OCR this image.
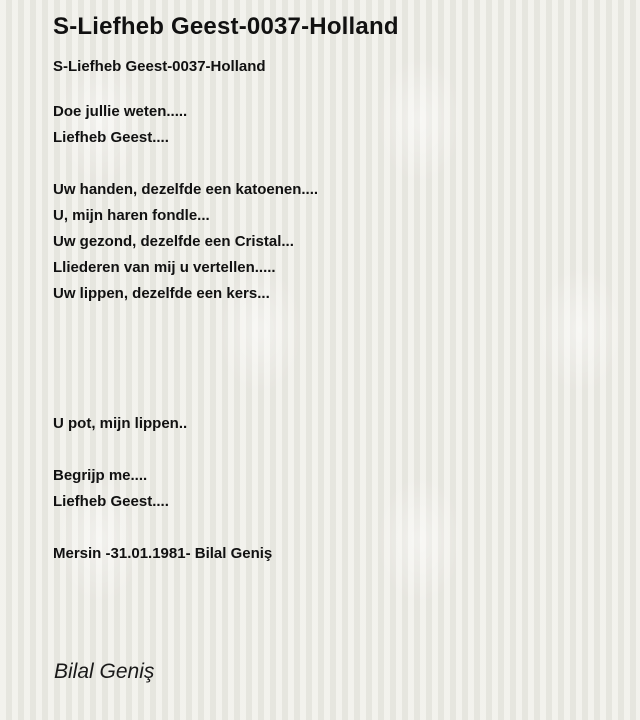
S-Liefheb Geest-0037-Holland
S-Liefheb Geest-0037-Holland
Doe jullie weten.....
Liefheb Geest....
Uw handen, dezelfde een katoenen....
U, mijn haren fondle...
Uw gezond, dezelfde een Cristal...
Lliederen van mij u vertellen.....
Uw lippen, dezelfde een kers...
U pot, mijn lippen..
Begrijp me....
Liefheb Geest....
Mersin -31.01.1981- Bilal Geniş
Bilal Geniş
